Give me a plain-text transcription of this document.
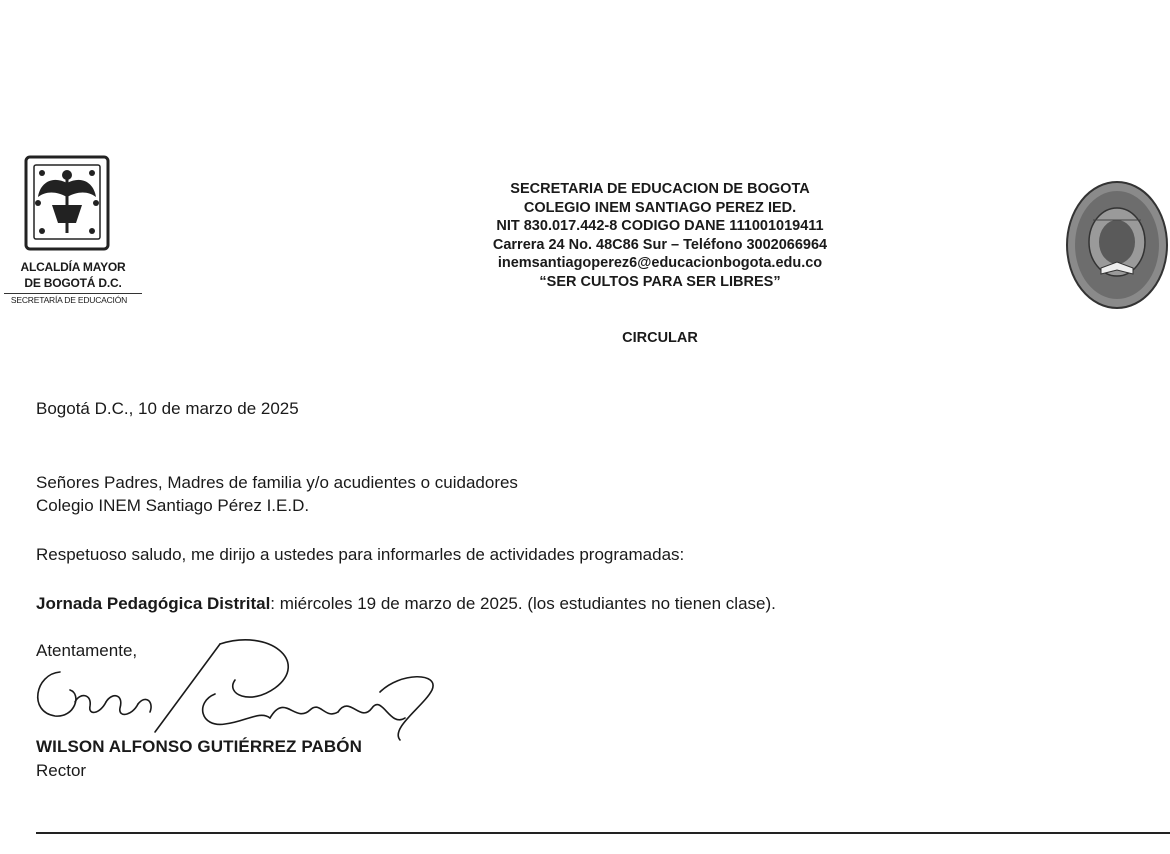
ALCALDÍA MAYOR
DE BOGOTÁ D.C.
SECRETARÍA DE EDUCACIÓN
SECRETARIA DE EDUCACION DE BOGOTA
COLEGIO INEM SANTIAGO PEREZ IED.
NIT 830.017.442-8 CODIGO DANE 111001019411
Carrera 24 No. 48C86 Sur – Teléfono 3002066964
inemsantiagoperez6@educacionbogota.edu.co
“SER CULTOS PARA SER LIBRES”
CIRCULAR
Bogotá D.C., 10 de marzo de 2025
Señores Padres, Madres de familia y/o acudientes o cuidadores
Colegio INEM Santiago Pérez I.E.D.
Respetuoso saludo, me dirijo a ustedes para informarles de actividades programadas:
Jornada Pedagógica Distrital: miércoles 19 de marzo de 2025. (los estudiantes no tienen clase).
Atentamente,
WILSON ALFONSO GUTIÉRREZ PABÓN
Rector
